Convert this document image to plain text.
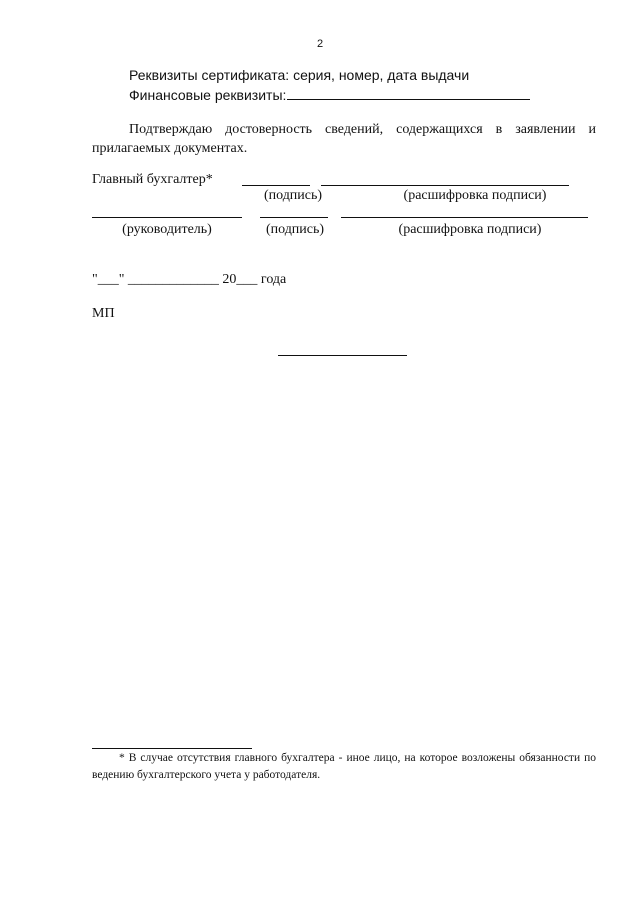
2
Реквизиты сертификата: серия, номер, дата выдачи
Финансовые реквизиты:
Подтверждаю достоверность сведений, содержащихся в заявлении и прилагаемых документах.
Главный бухгалтер*
(подпись)	(расшифровка подписи)
(руководитель)	(подпись)	(расшифровка подписи)
"___" _____________ 20___ года
МП
* В случае отсутствия главного бухгалтера - иное лицо, на которое возложены обязанности по ведению бухгалтерского учета у работодателя.
